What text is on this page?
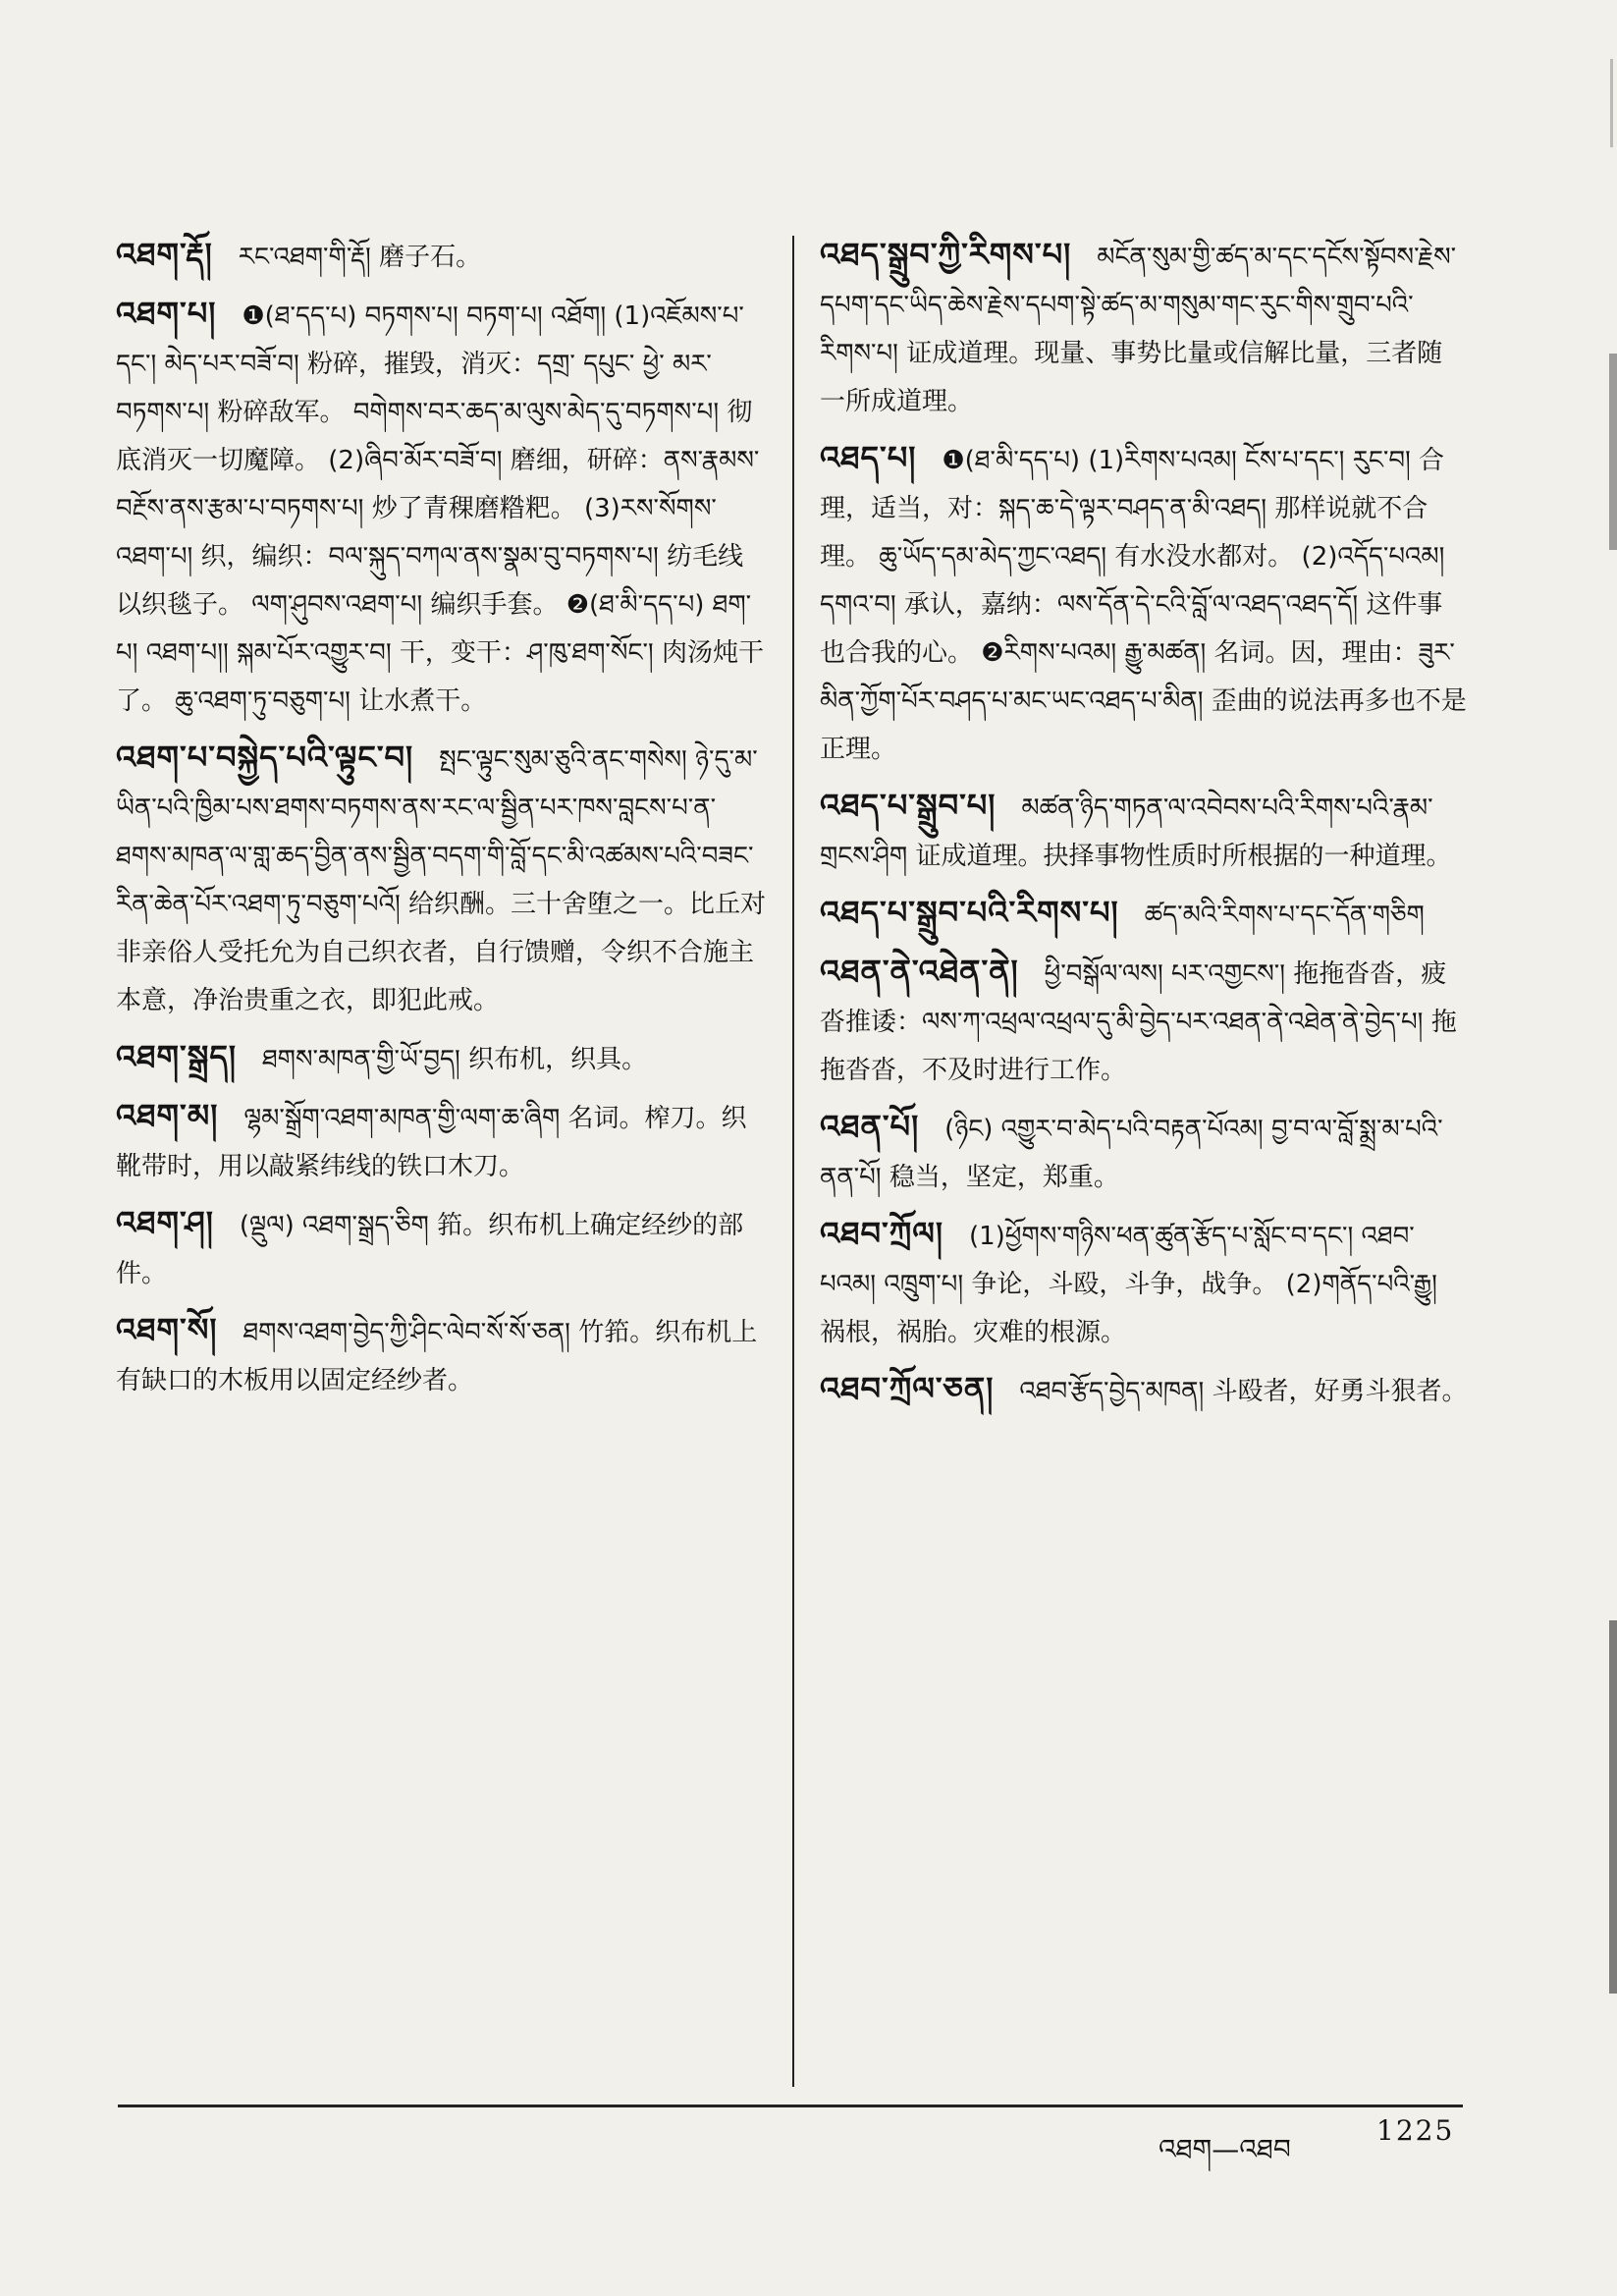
འཐག་རྡོ། རང་འཐག་གི་རྡོ། 磨子石。
འཐག་པ། ❶(ཐ་དད་པ) བཏགས་པ། བཏག་པ། འཐོག། (1)འཇོམས་པ་དང་། མེད་པར་བཟོ་བ། 粉碎，摧毁，消灭：དགྲ་ དཔུང་ ཕྱེ་ མར་བཏགས་པ། 粉碎敌军。 བགེགས་བར་ཆད་མ་ལུས་མེད་དུ་བཏགས་པ། 彻底消灭一切魔障。 (2)ཞིབ་མོར་བཟོ་བ། 磨细，研碎：ནས་རྣམས་བརྔོས་ནས་རྩམ་པ་བཏགས་པ། 炒了青稞磨糌粑。 (3)རས་སོགས་འཐག་པ། 织，编织：བལ་སྐུད་བཀལ་ནས་སྣམ་བུ་བཏགས་པ། 纺毛线以织毯子。 ལག་ཤུབས་འཐག་པ། 编织手套。 ❷(ཐ་མི་དད་པ) ཐག་པ། འཐག་པ།། སྐམ་པོར་འགྱུར་བ། 干，变干：ཤ་ཁུ་ཐག་སོང་། 肉汤炖干了。 ཆུ་འཐག་ཏུ་བཅུག་པ། 让水煮干。
འཐག་པ་བསྐྱེད་པའི་ལྟུང་བ། སྤང་ལྟུང་སུམ་ཅུའི་ནང་གསེས། ཉེ་དུ་མ་ཡིན་པའི་ཁྱིམ་པས་ཐགས་བཏགས་ནས་རང་ལ་སྦྱིན་པར་ཁས་བླངས་པ་ན་ཐགས་མཁན་ལ་གླ་ཆད་བྱིན་ནས་སྦྱིན་བདག་གི་བློ་དང་མི་འཚམས་པའི་བཟང་རིན་ཆེན་པོར་འཐག་ཏུ་བཅུག་པའོ། 给织酬。三十舍堕之一。比丘对非亲俗人受托允为自己织衣者，自行馈赠，令织不合施主本意，净治贵重之衣，即犯此戒。
འཐག་སྒྲད། ཐགས་མཁན་གྱི་ཡོ་བྱད། 织布机，织具。
འཐག་མ། ལྷམ་སྒྲོག་འཐག་མཁན་གྱི་ལག་ཆ་ཞིག 名词。榨刀。织靴带时，用以敲紧纬线的铁口木刀。
འཐག་ཤ། (ལྡུལ) འཐག་སྒྲད་ཅིག 筘。织布机上确定经纱的部件。
འཐག་སོ། ཐགས་འཐག་བྱེད་ཀྱི་ཤིང་ལེབ་སོ་སོ་ཅན། 竹筘。织布机上有缺口的木板用以固定经纱者。
འཐད་སྒྲུབ་ཀྱི་རིགས་པ། མངོན་སུམ་གྱི་ཚད་མ་དང་དངོས་སྟོབས་རྗེས་དཔག་དང་ཡིད་ཆེས་རྗེས་དཔག་སྟེ་ཚད་མ་གསུམ་གང་རུང་གིས་གྲུབ་པའི་རིགས་པ། 证成道理。现量、事势比量或信解比量，三者随一所成道理。
འཐད་པ། ❶(ཐ་མི་དད་པ) (1)རིགས་པའམ། ངོས་པ་དང་། རུང་བ། 合理，适当，对：སྐད་ཆ་དེ་ལྟར་བཤད་ན་མི་འཐད། 那样说就不合理。 ཆུ་ཡོད་དམ་མེད་ཀྱང་འཐད། 有水没水都对。 (2)འདོད་པའམ། དགའ་བ། 承认，嘉纳：ལས་དོན་དེ་ངའི་བློ་ལ་འཐད་འཐད་དོ། 这件事也合我的心。 ❷རིགས་པའམ། རྒྱུ་མཚན། 名词。因，理由：ཟུར་མིན་ཀྱོག་པོར་བཤད་པ་མང་ཡང་འཐད་པ་མིན། 歪曲的说法再多也不是正理。
འཐད་པ་སྒྲུབ་པ། མཚན་ཉིད་གཏན་ལ་འབེབས་པའི་རིགས་པའི་རྣམ་གྲངས་ཤིག 证成道理。抉择事物性质时所根据的一种道理。
འཐད་པ་སྒྲུབ་པའི་རིགས་པ། ཚད་མའི་རིགས་པ་དང་དོན་གཅིག
འཐན་ནེ་འཐེན་ནེ། ཕྱི་བསྒོལ་ལས། པར་འགྱངས་། 拖拖沓沓，疲沓推诿：ལས་ཀ་འཕྲལ་འཕྲལ་དུ་མི་བྱེད་པར་འཐན་ནེ་འཐེན་ནེ་བྱེད་པ། 拖拖沓沓，不及时进行工作。
འཐན་པོ། (ཉིང) འགྱུར་བ་མེད་པའི་བརྟན་པོའམ། བྱ་བ་ལ་བློ་སྨྲ་མ་པའི་ནན་པོ། 稳当，坚定，郑重。
འཐབ་ཀྲོལ། (1)ཕྱོགས་གཉིས་ཕན་ཚུན་རྩོད་པ་སློང་བ་དང་། འཐབ་པའམ། འཁྲུག་པ། 争论，斗殴，斗争，战争。 (2)གནོད་པའི་རྒྱུ། 祸根，祸胎。灾难的根源。
འཐབ་ཀྲོལ་ཅན། འཐབ་རྩོད་བྱེད་མཁན། 斗殴者，好勇斗狠者。
འཐག—འཐབ
1225
